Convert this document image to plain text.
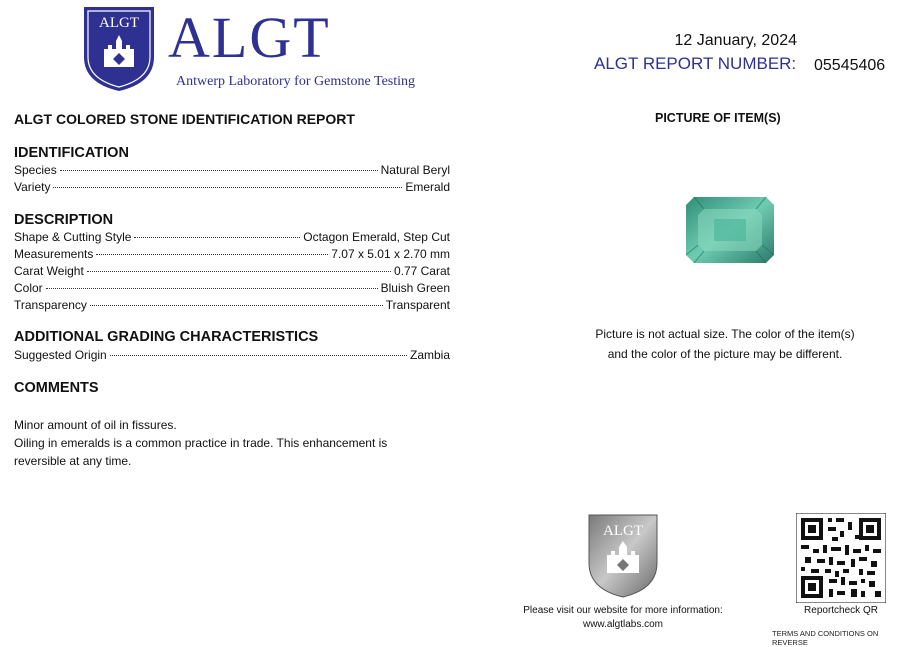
ALGT ALGT
Antwerp Laboratory for Gemstone Testing
12 January, 2024
ALGT REPORT NUMBER: 05545406
ALGT COLORED STONE IDENTIFICATION REPORT
IDENTIFICATION
Species	Natural Beryl
Variety	Emerald
DESCRIPTION
Shape & Cutting Style	Octagon Emerald, Step Cut
Measurements	7.07 x 5.01 x 2.70 mm
Carat Weight	0.77 Carat
Color	Bluish Green
Transparency	Transparent
ADDITIONAL GRADING CHARACTERISTICS
Suggested Origin	Zambia
COMMENTS
Minor amount of oil in fissures.
Oiling in emeralds is a common practice in trade. This enhancement is
reversible at any time.
PICTURE OF ITEM(S)
Picture is not actual size. The color of the item(s)
and the color of the picture may be different.
ALGT
Please visit our website for more information:
www.algtlabs.com
Reportcheck QR
TERMS AND CONDITIONS ON REVERSE
